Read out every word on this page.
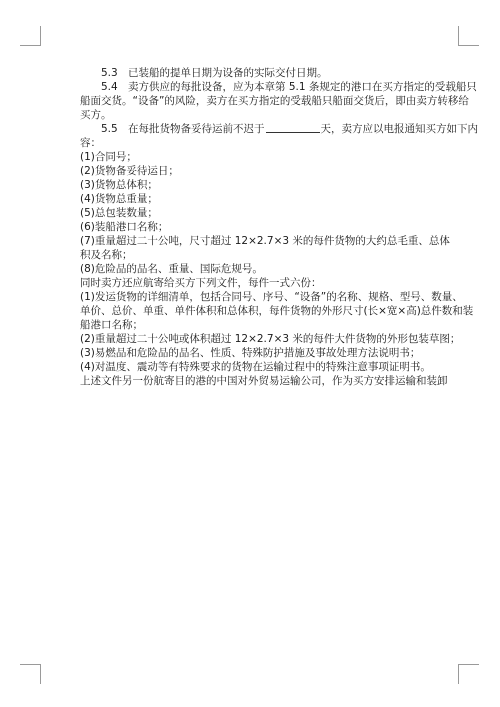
5.3 已装船的提单日期为设备的实际交付日期。

5.4 卖方供应的每批设备，应为本章第 5.1 条规定的港口在买方指定的受载船只

船面交货。“设备”的风险，卖方在买方指定的受载船只船面交货后，即由卖方转移给

买方。

5.5 在每批货物备妥待运前不迟于	天，卖方应以电报通知买方如下内

容：

(1)合同号；

(2)货物备妥待运日；

(3)货物总体积；

(4)货物总重量；

(5)总包装数量；

(6)装船港口名称；

(7)重量超过二十公吨，尺寸超过 12×2.7×3 米的每件货物的大约总毛重、总体

积及名称；

(8)危险品的品名、重量、国际危规号。

同时卖方还应航寄给买方下列文件，每件一式六份：

(1)发运货物的详细清单，包括合同号、序号、“设备”的名称、规格、型号、数量、

单价、总价、单重、单件体积和总体积，每件货物的外形尺寸(长×宽×高)总件数和装

船港口名称；

(2)重量超过二十公吨或体积超过 12×2.7×3 米的每件大件货物的外形包装草图；

(3)易燃品和危险品的品名、性质、特殊防护措施及事故处理方法说明书；

(4)对温度、震动等有特殊要求的货物在运输过程中的特殊注意事项证明书。

上述文件另一份航寄目的港的中国对外贸易运输公司，作为买方安排运输和装卸
